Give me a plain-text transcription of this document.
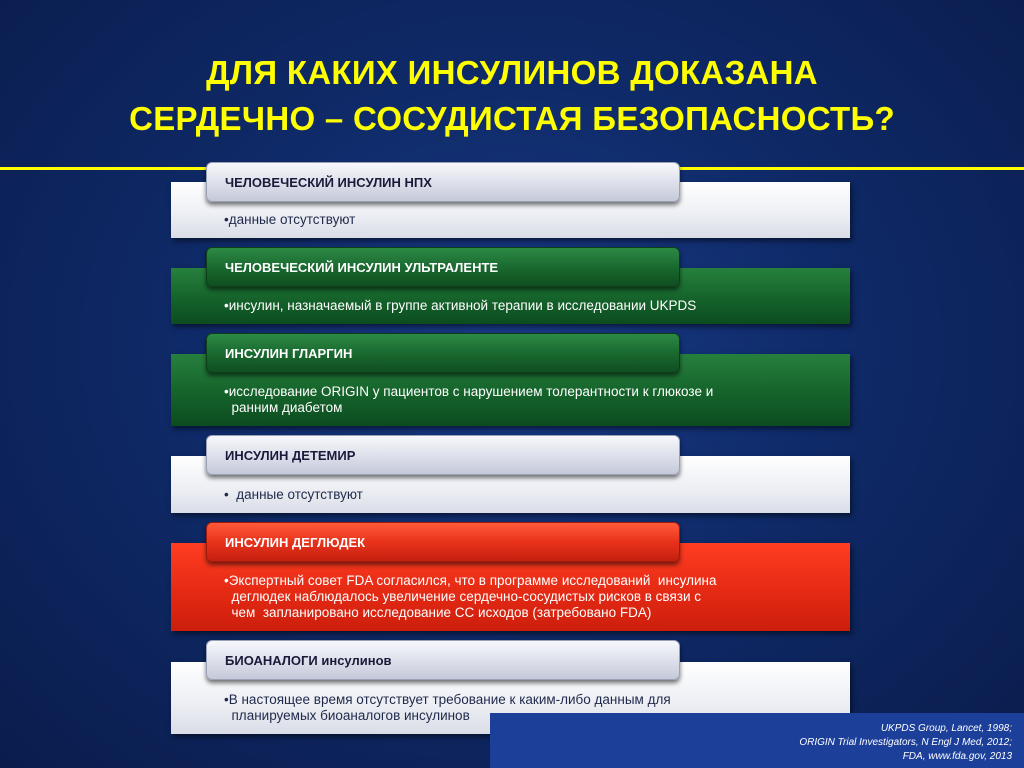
ДЛЯ КАКИХ ИНСУЛИНОВ ДОКАЗАНА
СЕРДЕЧНО – СОСУДИСТАЯ БЕЗОПАСНОСТЬ?
•данные отсутствуют
ЧЕЛОВЕЧЕСКИЙ ИНСУЛИН НПХ
•инсулин, назначаемый в группе активной терапии в исследовании UKPDS
ЧЕЛОВЕЧЕСКИЙ ИНСУЛИН УЛЬТРАЛЕНТЕ
•исследование ORIGIN у пациентов с нарушением толерантности к глюкозе и
ранним диабетом
ИНСУЛИН ГЛАРГИН
•  данные отсутствуют
ИНСУЛИН ДЕТЕМИР
•Экспертный совет FDA согласился, что в программе исследований  инсулина
деглюдек наблюдалось увеличение сердечно-сосудистых рисков в связи с
чем  запланировано исследование СС исходов (затребовано FDA)
ИНСУЛИН ДЕГЛЮДЕК
•В настоящее время отсутствует требование к каким-либо данным для
планируемых биоаналогов инсулинов
БИОАНАЛОГИ инсулинов
UKPDS Group, Lancet, 1998;
ORIGIN Trial Investigators, N Engl J Med, 2012;
FDA, www.fda.gov, 2013
